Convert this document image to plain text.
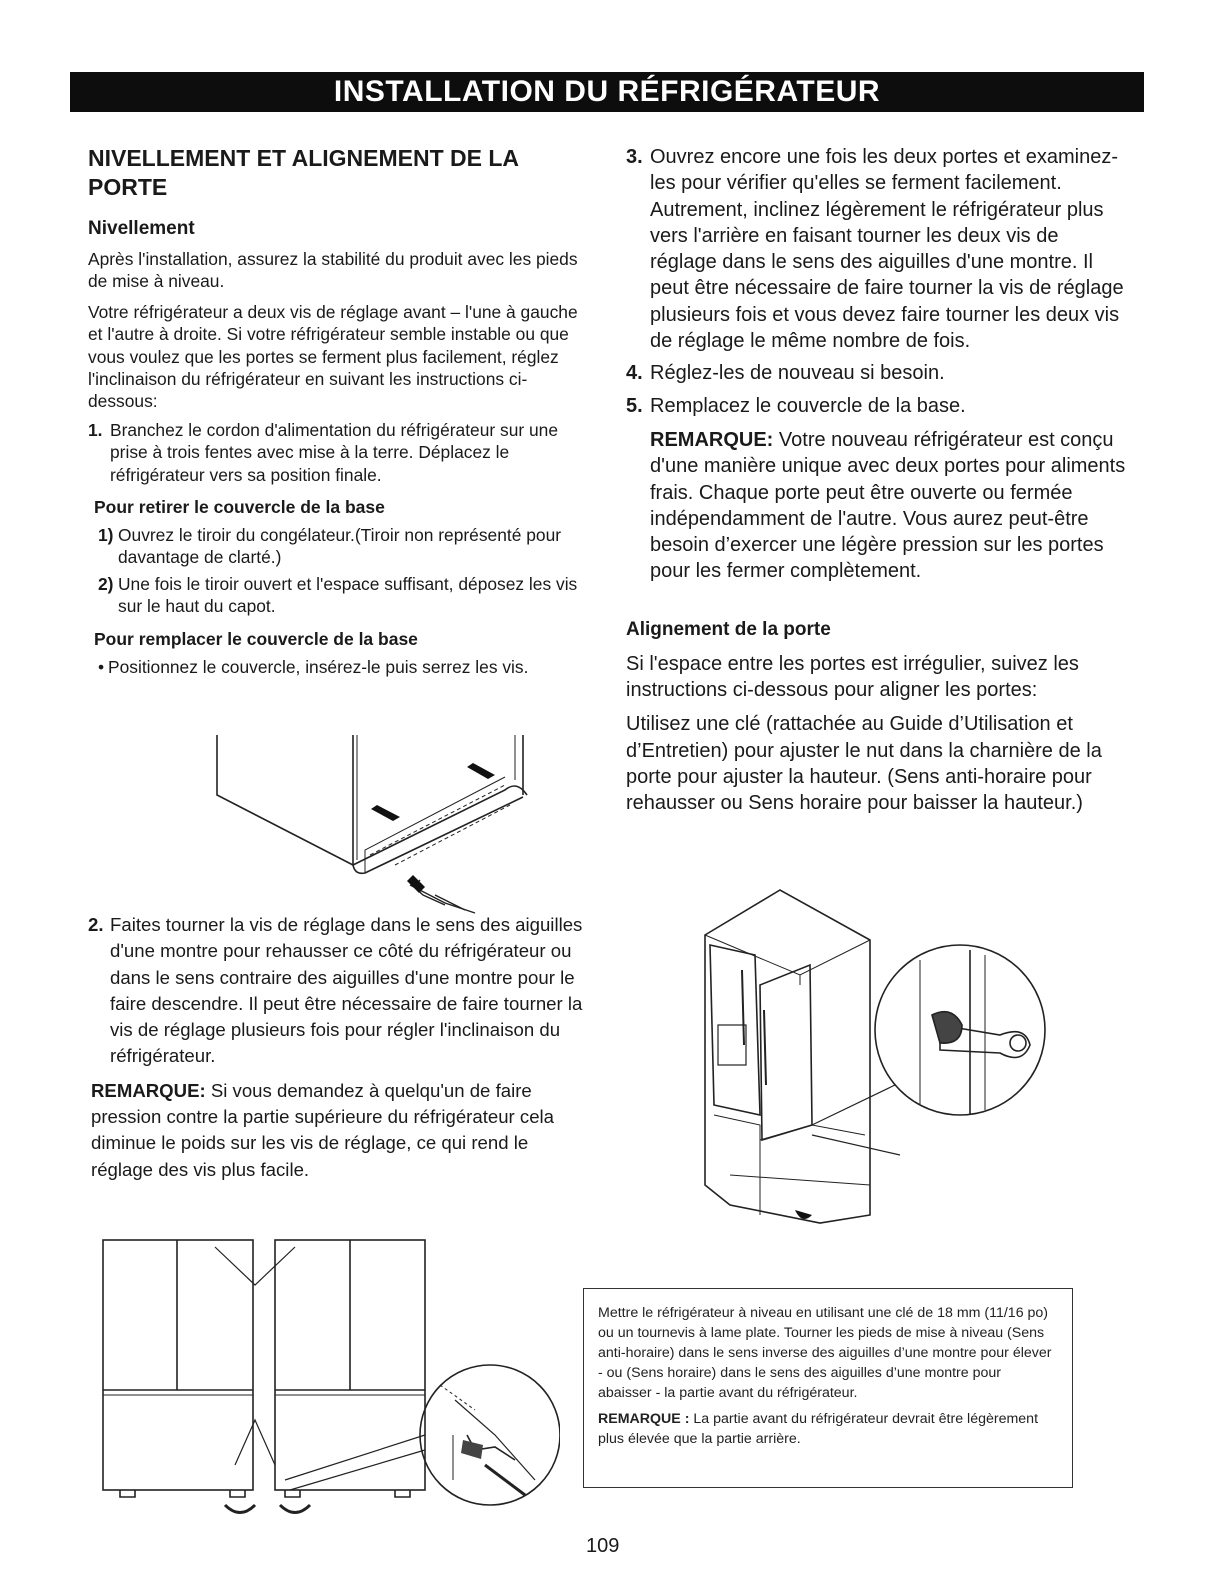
INSTALLATION DU RÉFRIGÉRATEUR
NIVELLEMENT ET ALIGNEMENT DE LA PORTE
Nivellement

Après l'installation, assurez la stabilité du produit avec les pieds de mise à niveau.

Votre réfrigérateur a deux vis de réglage avant – l'une à gauche et l'autre à droite. Si votre réfrigérateur semble instable ou que vous voulez que les portes se ferment plus facilement, réglez l'inclinaison du réfrigérateur en suivant les instructions ci-dessous:

1. Branchez le cordon d'alimentation du réfrigérateur sur une prise à trois fentes avec mise à la terre. Déplacez le réfrigérateur vers sa position finale.
Pour retirer le couvercle de la base
1) Ouvrez le tiroir du congélateur.(Tiroir non représenté pour davantage de clarté.)
2) Une fois le tiroir ouvert et l'espace suffisant, déposez les vis sur le haut du capot.
Pour remplacer le couvercle de la base
• Positionnez le couvercle, insérez-le puis serrez les vis.
2. Faites tourner la vis de réglage dans le sens des aiguilles d'une montre pour rehausser ce côté du réfrigérateur ou dans le sens contraire des aiguilles d'une montre pour le faire descendre. Il peut être nécessaire de faire tourner la vis de réglage plusieurs fois pour régler l'inclinaison du réfrigérateur.

REMARQUE: Si vous demandez à quelqu'un de faire pression contre la partie supérieure du réfrigérateur cela diminue le poids sur les vis de réglage, ce qui rend le réglage des vis plus facile.

3. Ouvrez encore une fois les deux portes et examinez-les pour vérifier qu'elles se ferment facilement. Autrement, inclinez légèrement le réfrigérateur plus vers l'arrière en faisant tourner les deux vis de réglage dans le sens des aiguilles d'une montre. Il peut être nécessaire de faire tourner la vis de réglage plusieurs fois et vous devez faire tourner les deux vis de réglage le même nombre de fois.
4. Réglez-les de nouveau si besoin.
5. Remplacez le couvercle de la base.

REMARQUE: Votre nouveau réfrigérateur est conçu d'une manière unique avec deux portes pour aliments frais. Chaque porte peut être ouverte ou fermée indépendamment de l'autre. Vous aurez peut-être besoin d’exercer une légère pression sur les portes pour les fermer complètement.

Alignement de la porte

Si l'espace entre les portes est irrégulier, suivez les instructions ci-dessous pour aligner les portes:

Utilisez une clé (rattachée au Guide d’Utilisation et d’Entretien) pour ajuster le nut dans la charnière de la porte pour ajuster la hauteur. (Sens anti-horaire pour rehausser ou Sens horaire pour baisser la hauteur.)

Mettre le réfrigérateur à niveau en utilisant une clé de 18 mm (11/16 po) ou un tournevis à lame plate. Tourner les pieds de mise à niveau (Sens anti-horaire) dans le sens inverse des aiguilles d’une montre pour élever - ou (Sens horaire) dans le sens des aiguilles d’une montre pour abaisser - la partie avant du réfrigérateur.

REMARQUE : La partie avant du réfrigérateur devrait être légèrement plus élevée que la partie arrière.

109
